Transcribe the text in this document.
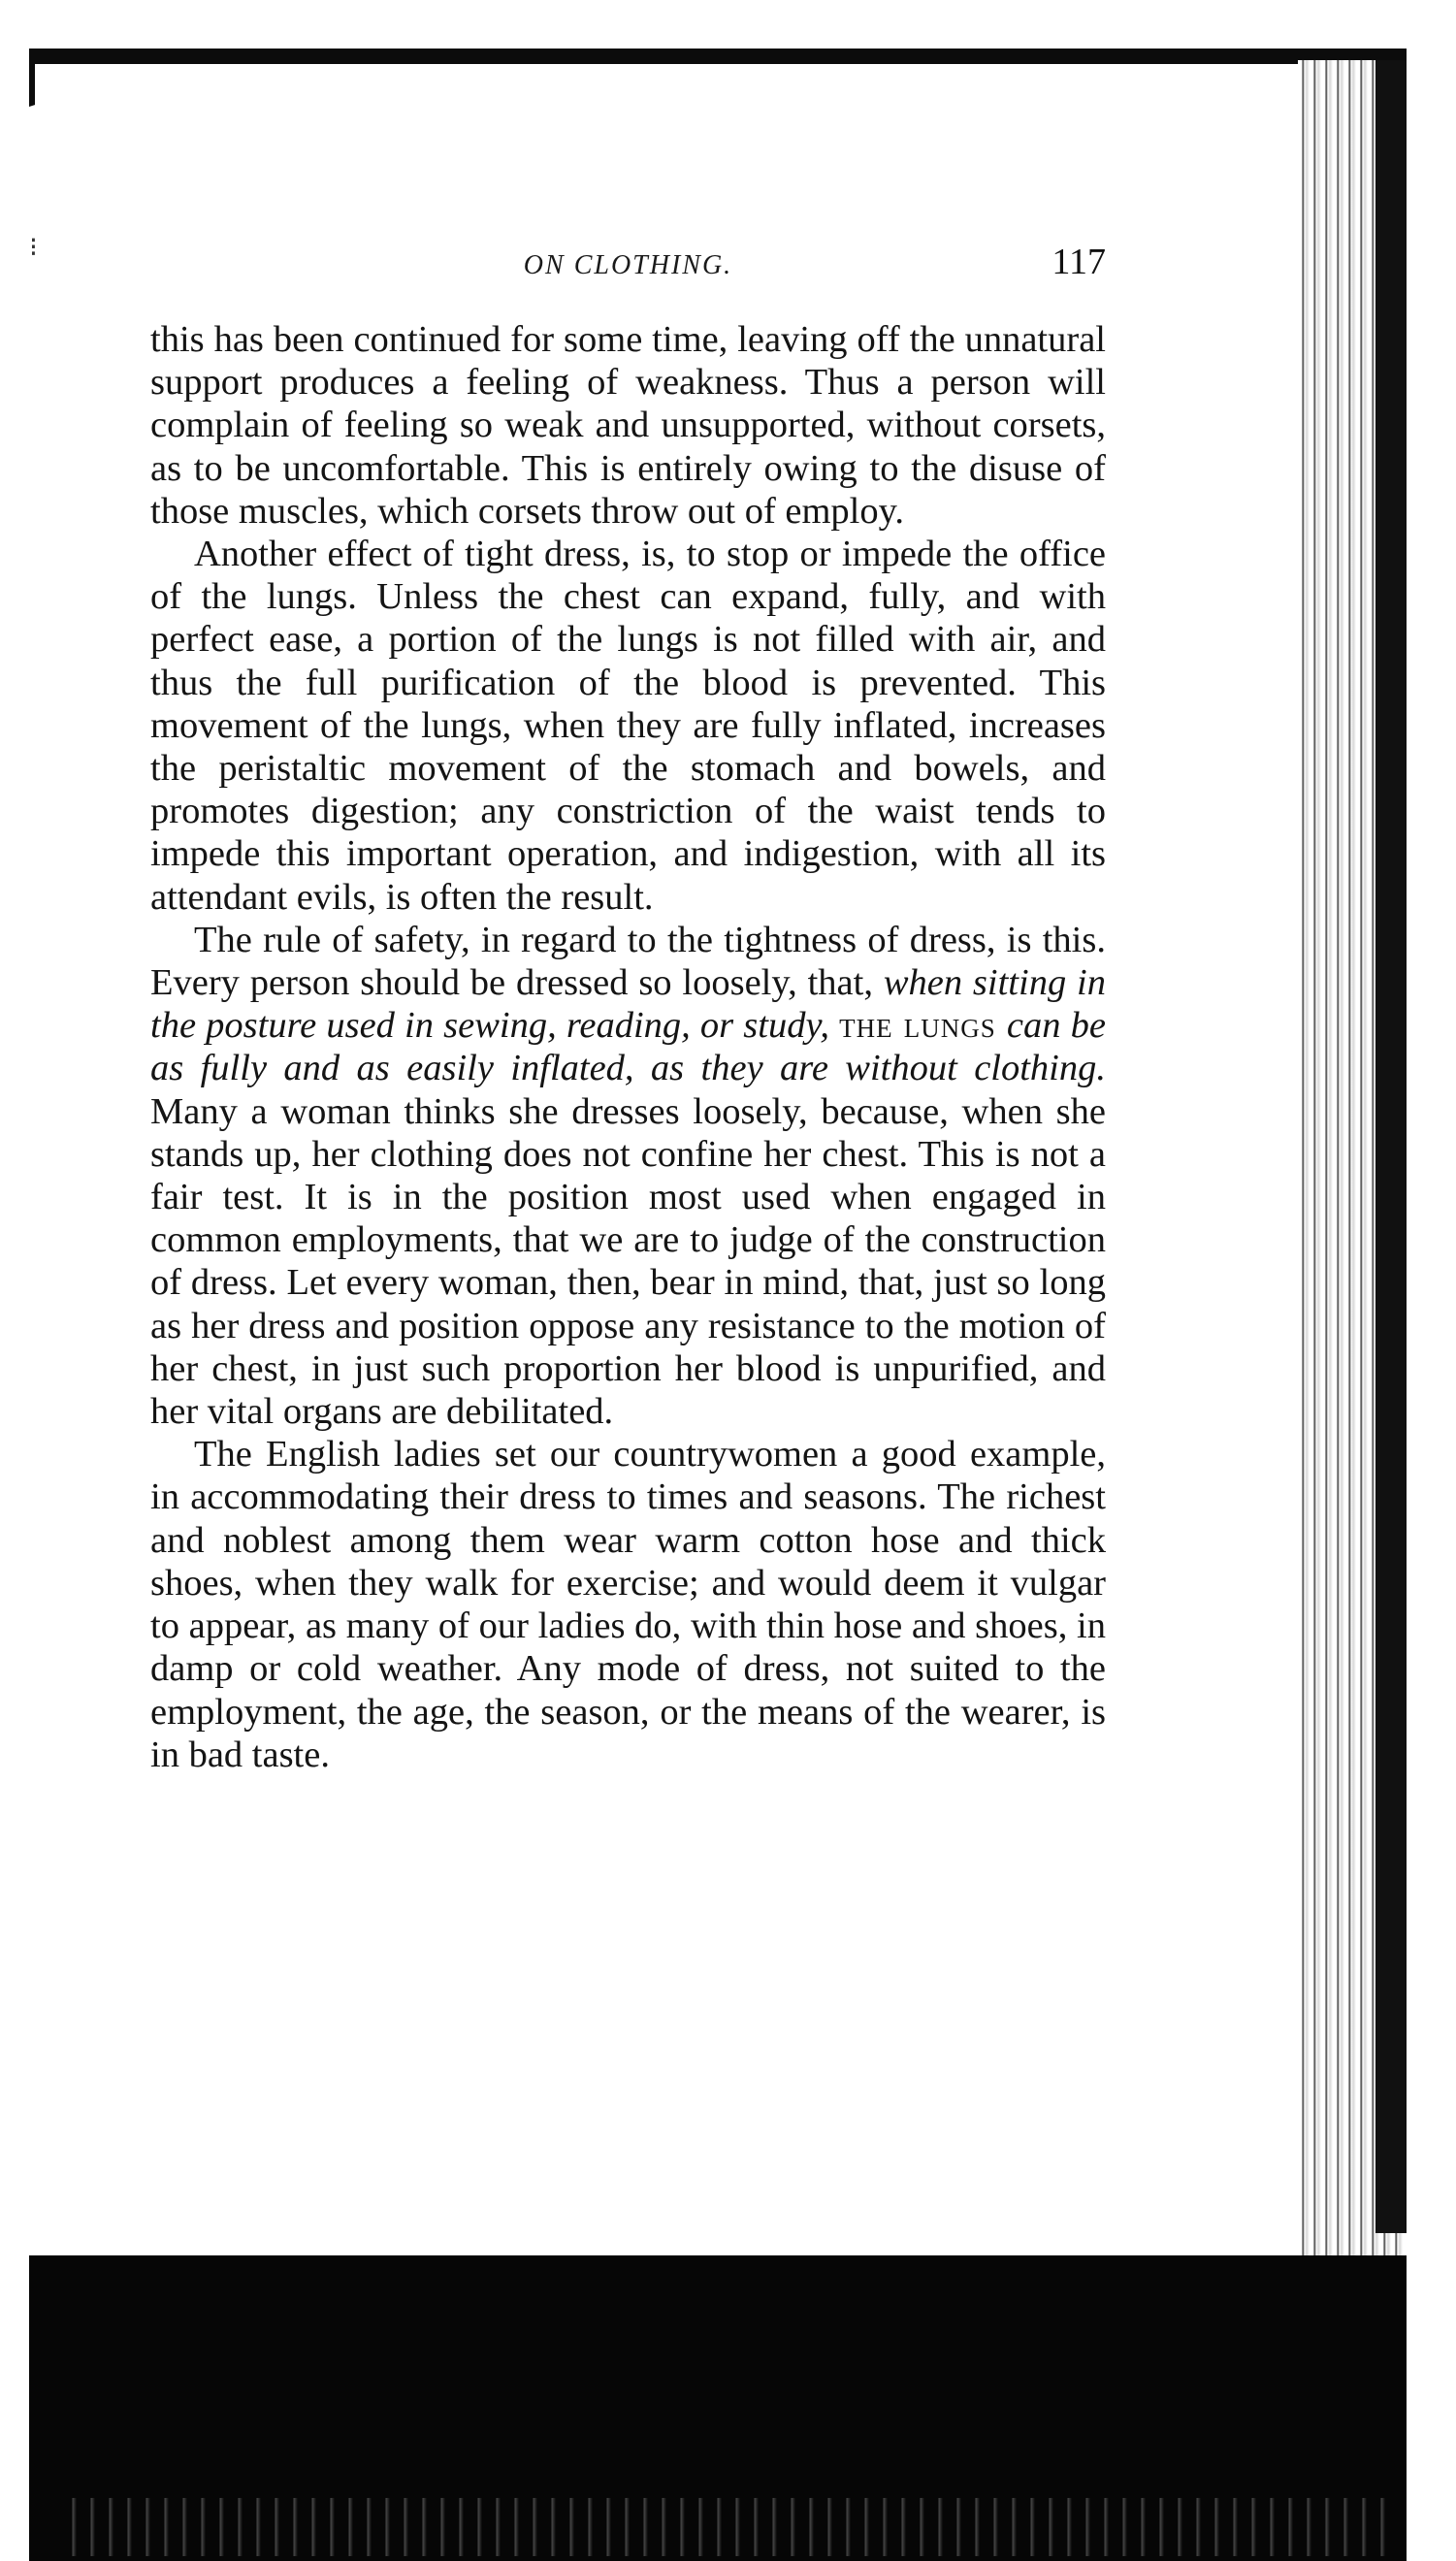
⁝
ON CLOTHING.	117

this has been continued for some time, leaving off the unnatural support produces a feeling of weakness. Thus a person will complain of feeling so weak and unsupported, without corsets, as to be uncomfortable. This is entirely owing to the disuse of those muscles, which corsets throw out of employ.

Another effect of tight dress, is, to stop or impede the office of the lungs. Unless the chest can expand, fully, and with perfect ease, a portion of the lungs is not filled with air, and thus the full purification of the blood is prevented. This movement of the lungs, when they are fully inflated, increases the peristaltic movement of the stomach and bowels, and promotes digestion; any constriction of the waist tends to impede this important operation, and indigestion, with all its attendant evils, is often the result.

The rule of safety, in regard to the tightness of dress, is this. Every person should be dressed so loosely, that, when sitting in the posture used in sewing, reading, or study, the lungs can be as fully and as easily inflated, as they are without clothing. Many a woman thinks she dresses loosely, because, when she stands up, her clothing does not confine her chest. This is not a fair test. It is in the position most used when engaged in common employments, that we are to judge of the construction of dress. Let every woman, then, bear in mind, that, just so long as her dress and position oppose any resistance to the motion of her chest, in just such proportion her blood is unpurified, and her vital organs are debilitated.

The English ladies set our countrywomen a good example, in accommodating their dress to times and seasons. The richest and noblest among them wear warm cotton hose and thick shoes, when they walk for exercise; and would deem it vulgar to appear, as many of our ladies do, with thin hose and shoes, in damp or cold weather. Any mode of dress, not suited to the employment, the age, the season, or the means of the wearer, is in bad taste.
